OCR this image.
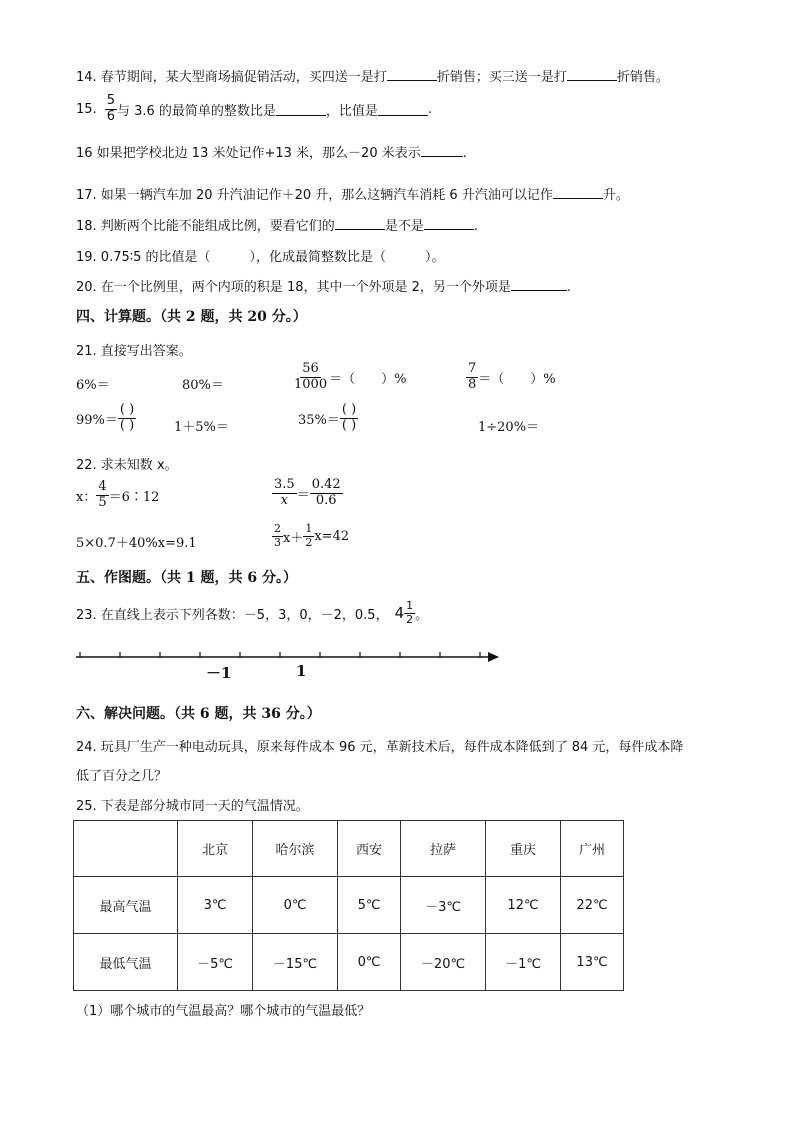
14. 春节期间，某大型商场搞促销活动，买四送一是打	折销售；买三送一是打	折销售。
15. $\frac{5}{6}$ 与 3.6 的最简单的整数比是	，比值是	.
16 如果把学校北边 13 米处记作+13 米，那么－20 米表示	.
17. 如果一辆汽车加 20 升汽油记作＋20 升，那么这辆汽车消耗 6 升汽油可以记作	升。
18. 判断两个比能不能组成比例，要看它们的	是不是	.
19. 0.75∶5 的比值是（　　　），化成最简整数比是（　　　）。
20. 在一个比例里，两个内项的积是 18，其中一个外项是 2，另一个外项是	.
四、计算题。（共 2 题，共 20 分。）
21. 直接写出答案。
6%＝	80%＝	$\frac{56}{1000}$ ＝（　　）%	$\frac{7}{8}$ ＝（　　）%
$99\%= \frac{( )}{( )}$	1＋5%＝	$35\%= \frac{( )}{( )}$	1÷20%＝
22. 求未知数 x。
x： $\frac{4}{5}$ ＝6∶12	$\frac{3.5}{x} = \frac{0.42}{0.6}$
5×0.7＋40%x=9.1	$\frac{2}{3} x+ \frac{1}{2} x=42$
五、作图题。（共 1 题，共 6 分。）
23. 在直线上表示下列各数：－5，3，0，－2，0.5， $4 \frac{1}{2}$ 。
－1	1
六、解决问题。（共 6 题，共 36 分。）
24. 玩具厂生产一种电动玩具，原来每件成本 96 元，革新技术后，每件成本降低到了 84 元，每件成本降
低了百分之几？
25. 下表是部分城市同一天的气温情况。
	北京	哈尔滨	西安	拉萨	重庆	广州
最高气温	3℃	0℃	5℃	－3℃	12℃	22℃
最低气温	－5℃	－15℃	0℃	－20℃	－1℃	13℃
（1）哪个城市的气温最高？哪个城市的气温最低？
